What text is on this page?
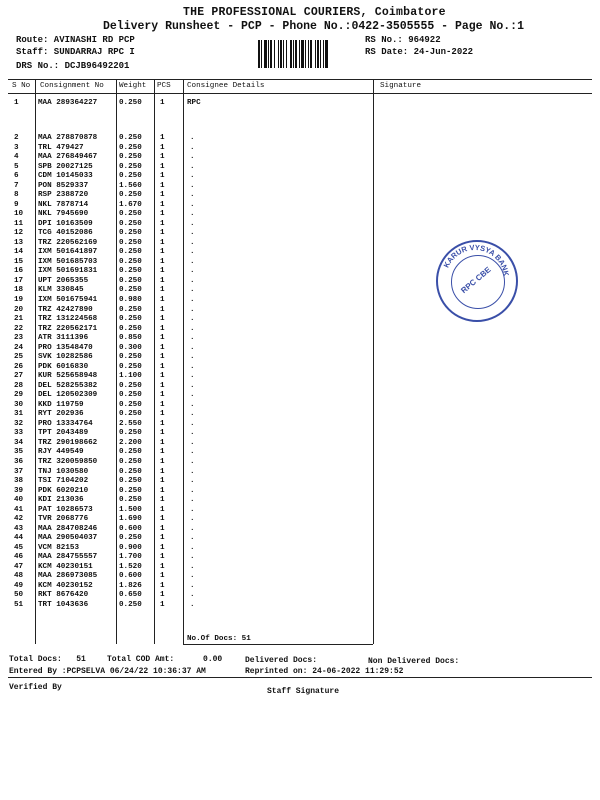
THE PROFESSIONAL COURIERS, Coimbatore
Delivery Runsheet - PCP - Phone No.:0422-3505555 - Page No.:1
Route: AVINASHI RD PCP
Staff: SUNDARRAJ RPC I
DRS No.: DCJB96492201
RS No.: 964922
RS Date: 24-Jun-2022
S No Consignment No Weight PCS Consignee Details	Signature
1	MAA 289364227	0.250 1	RPC
2	MAA 278870878	0.250 1	.
3	TRL 479427	0.250 1	.
4	MAA 276849467	0.250 1	.
5	SPB 20027125	0.250 1	.
6	CDM 10145033	0.250 1	.
7	PON 8529337	1.560 1	.
8	RSP 2388720	0.250 1	.
9	NKL 7878714	1.670 1	.
10 NKL 7945690	0.250 1	.
11 DPI 10163509	0.250 1	.
12 TCG 40152086	0.250 1	.
13 TRZ 220562169	0.250 1	.
14 IXM 501641897	0.250 1	.
15 IXM 501685703	0.250 1	.
16 IXM 501691831	0.250 1	.
17 UPT 2065355	0.250 1	.
18 KLM 330845	0.250 1	.
19 IXM 501675941	0.980 1	.
20 TRZ 42427890	0.250 1	.
21 TRZ 131224568	0.250 1	.
22 TRZ 220562171	0.250 1	.
23 ATR 3111396	0.850 1	.
24 PRO 13548470	0.300 1	.
25 SVK 10282586	0.250 1	.
26 PDK 6016830	0.250 1	.
27 KUR 525658948	1.100 1	.
28 DEL 528255382	0.250 1	.
29 DEL 120502309	0.250 1	.
30 KKD 119759	0.250 1	.
31 RYT 202936	0.250 1	.
32 PRO 13334764	2.550 1	.
33 TPT 2043489	0.250 1	.
34 TRZ 290198662	2.200 1	.
35 RJY 449549	0.250 1	.
36 TRZ 320059850	0.250 1	.
37 TNJ 1030580	0.250 1	.
38 TSI 7104202	0.250 1	.
39 PDK 6020210	0.250 1	.
40 KDI 213036	0.250 1	.
41 PAT 10286573	1.500 1	.
42 TVR 2068776	1.690 1	.
43 MAA 284708246	0.600 1	.
44 MAA 290504037	0.250 1	.
45 VCM 82153	0.900 1	.
46 MAA 284755557	1.700 1	.
47 KCM 40230151	1.520 1	.
48 MAA 286973085	0.600 1	.
49 KCM 40230152	1.826 1	.
50 RKT 8676420	0.650 1	.
51 TRT 1043636	0.250 1	.
No.Of Docs: 51
KARUR VYSYA BANK
RPC CBE
Total Docs:   51	Total COD Amt:      0.00	Delivered Docs:	Non Delivered Docs:
Entered By :PCPSELVA 06/24/22 10:36:37 AM	Reprinted on: 24-06-2022 11:29:52
Verified By	Staff Signature
